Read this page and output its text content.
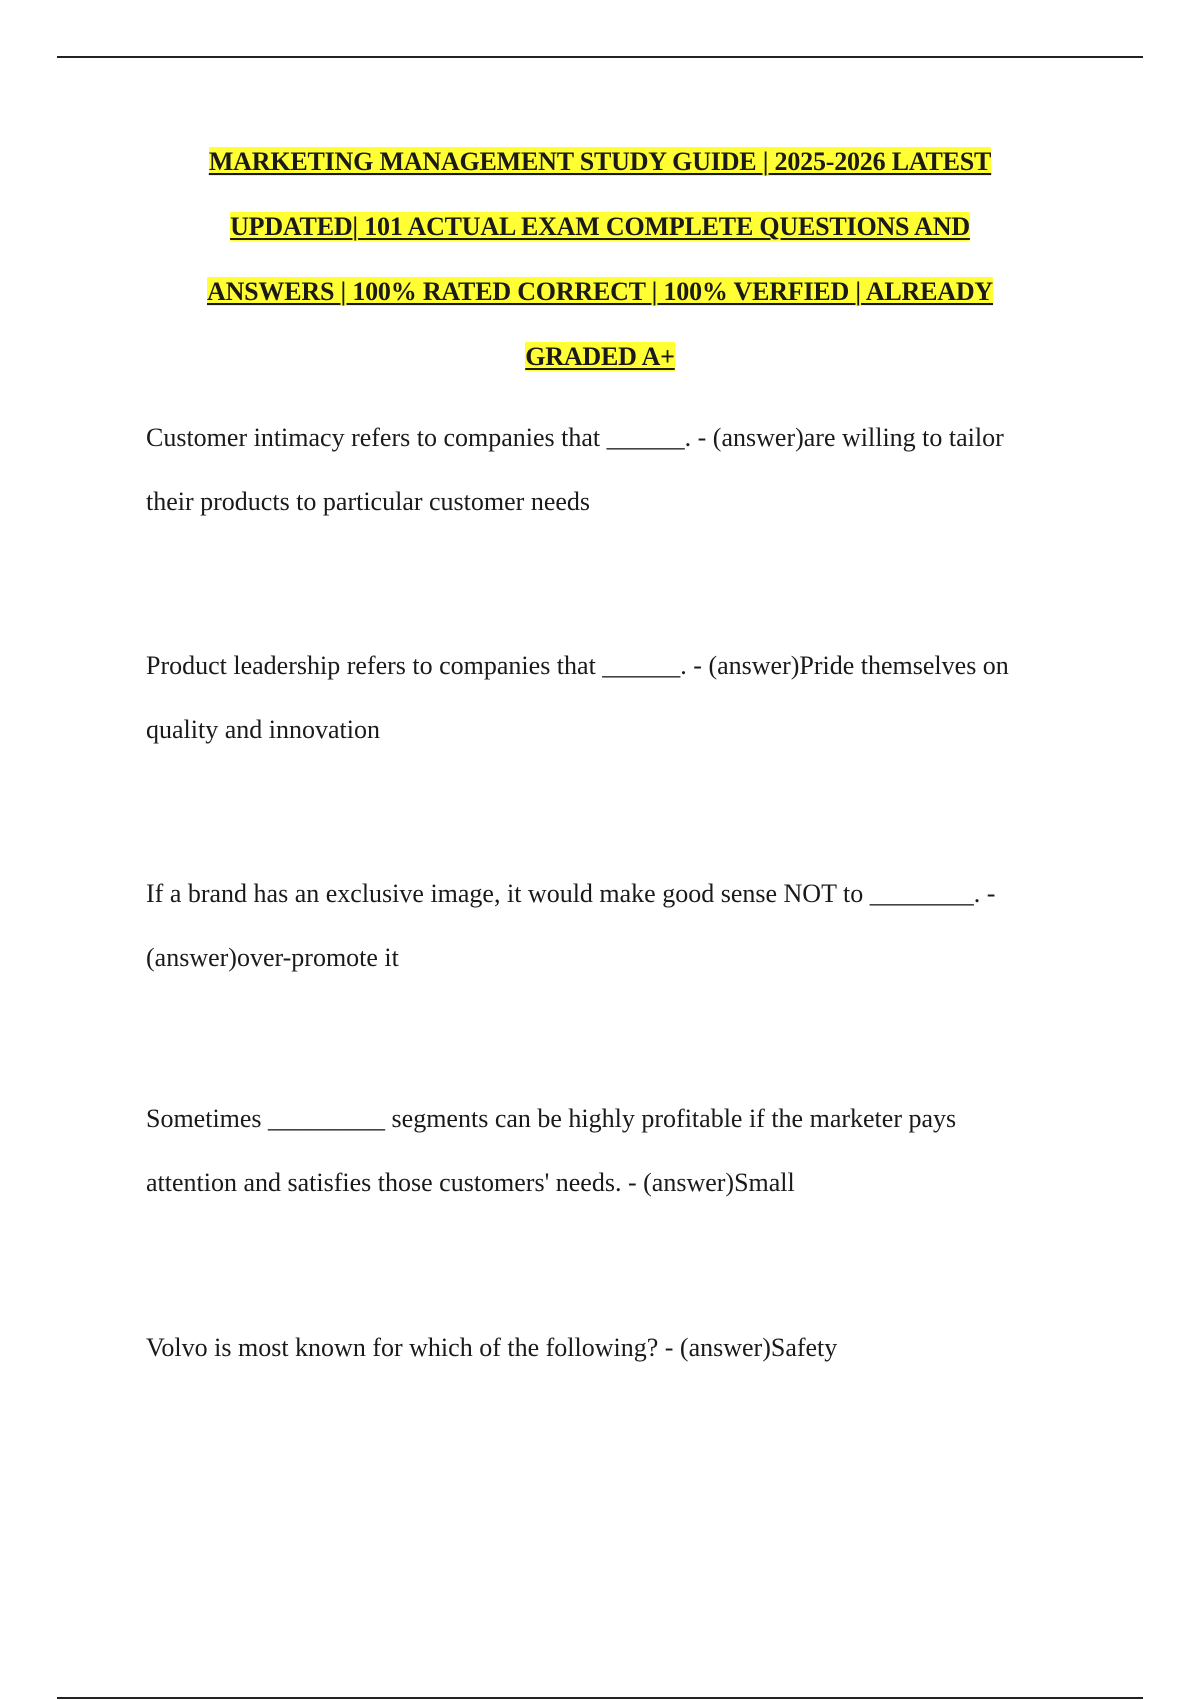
MARKETING MANAGEMENT STUDY GUIDE | 2025-2026 LATEST
UPDATED| 101 ACTUAL EXAM COMPLETE QUESTIONS AND
ANSWERS | 100% RATED CORRECT | 100% VERFIED | ALREADY
GRADED A+
Customer intimacy refers to companies that ______. - (answer)are willing to tailor
their products to particular customer needs
Product leadership refers to companies that ______. - (answer)Pride themselves on
quality and innovation
If a brand has an exclusive image, it would make good sense NOT to ________. -
(answer)over-promote it
Sometimes _________ segments can be highly profitable if the marketer pays
attention and satisfies those customers' needs. - (answer)Small
Volvo is most known for which of the following? - (answer)Safety
